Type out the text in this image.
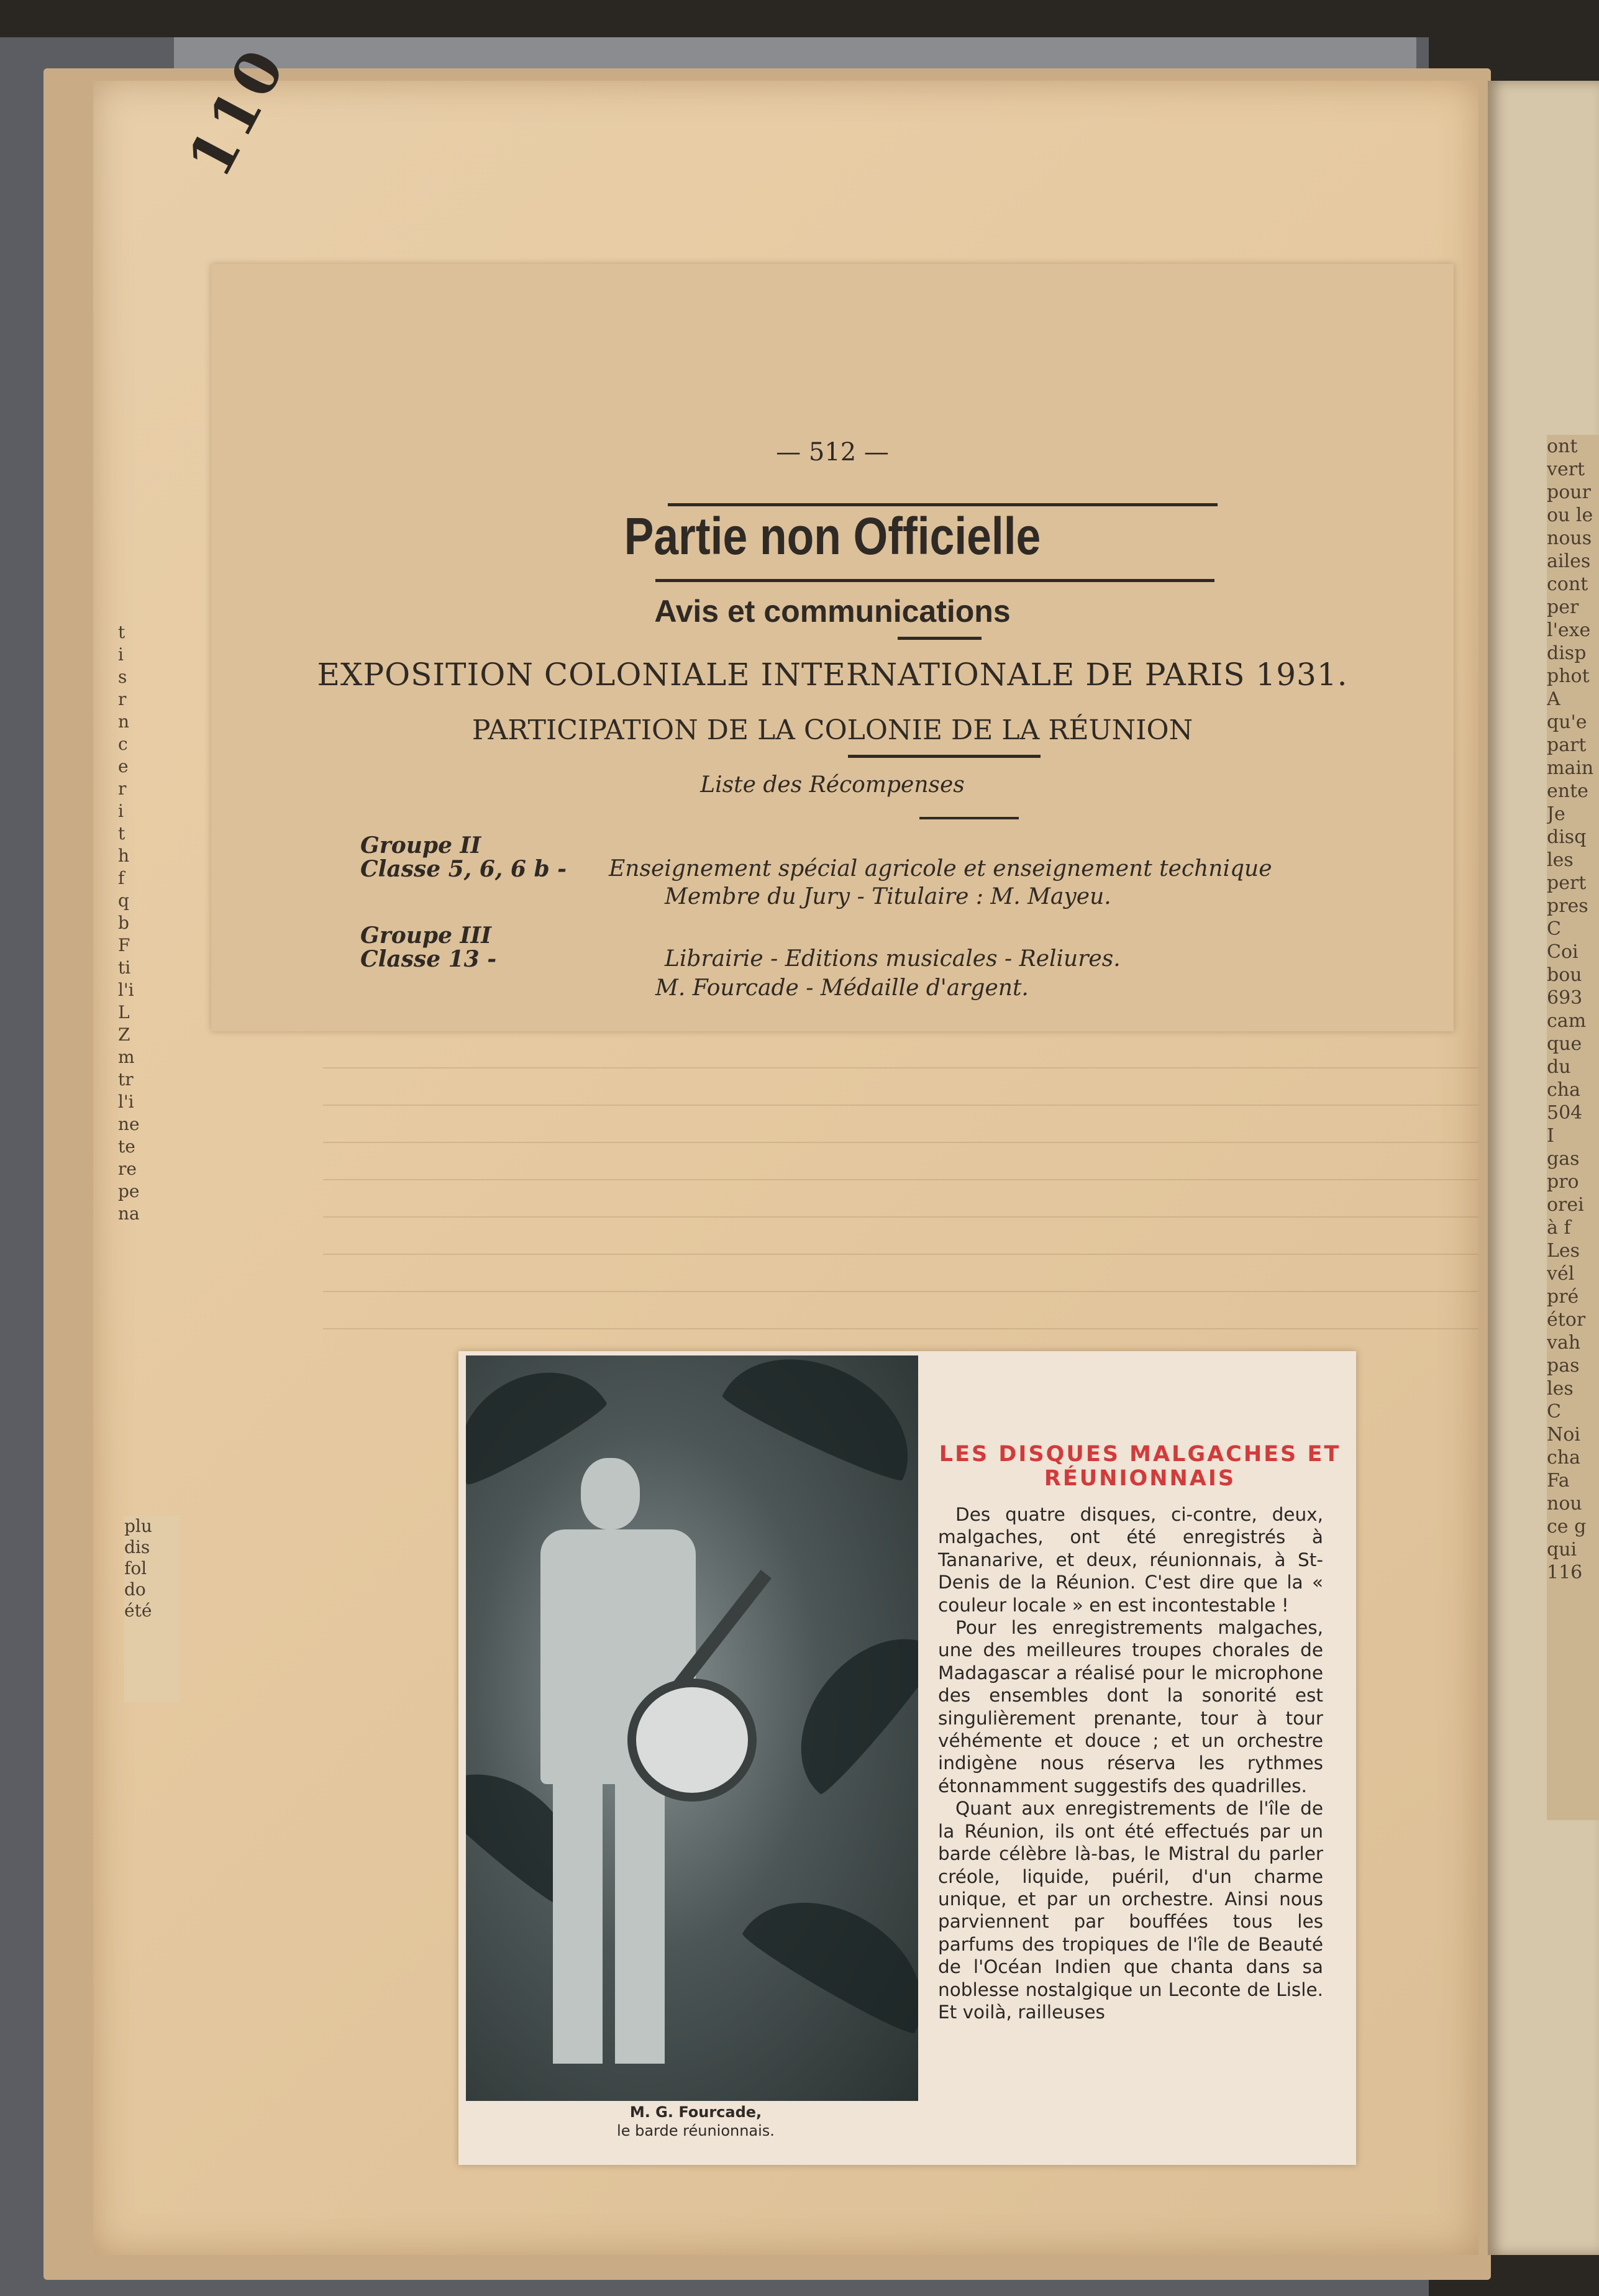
ont
vert
pour
ou le
nous
ailes
cont
per
l'exe
disp
phot
A
qu'e
part
main
ente
Je
disq
les
pert
pres
C
Coi
bou
693
cam
que
du
cha
504
I
gas
pro
orei
à f
Les
vél
pré
étor
vah
pas
les
C
Noi
cha
Fa
nou
ce g
qui
116
t
i
s
r
n
c
e
r
i
t
h
f
q
b
F
ti
l'i
L
Z
m
tr
l'i
ne
te
re
pe
na
plu
dis
fol
do
été
110
— 512 —
Partie non Officielle
Avis et communications
EXPOSITION COLONIALE INTERNATIONALE DE PARIS 1931.
PARTICIPATION DE LA COLONIE DE LA RÉUNION
Liste des Récompenses
Groupe II
Classe 5, 6, 6 b - Enseignement spécial agricole et enseignement technique
Membre du Jury - Titulaire : M. Mayeu.
Groupe III
Classe 13 -	Librairie - Editions musicales - Reliures.
M. Fourcade - Médaille d'argent.
M. G. Fourcade,
le barde réunionnais.
LES DISQUES MALGACHES ET RÉUNIONNAIS

Des quatre disques, ci-contre, deux, malgaches, ont été enregistrés à Tananarive, et deux, réunionnais, à St-Denis de la Réunion. C'est dire que la « couleur locale » en est incontestable !

Pour les enregistrements malgaches, une des meilleures troupes chorales de Madagascar a réalisé pour le microphone des ensembles dont la sonorité est singulièrement prenante, tour à tour véhémente et douce ; et un orchestre indigène nous réserva les rythmes étonnamment suggestifs des quadrilles.

Quant aux enregistrements de l'île de la Réunion, ils ont été effectués par un barde célèbre là-bas, le Mistral du parler créole, liquide, puéril, d'un charme unique, et par un orchestre. Ainsi nous parviennent par bouffées tous les parfums des tropiques de l'île de Beauté de l'Océan Indien que chanta dans sa noblesse nostalgique un Leconte de Lisle. Et voilà, railleuses
